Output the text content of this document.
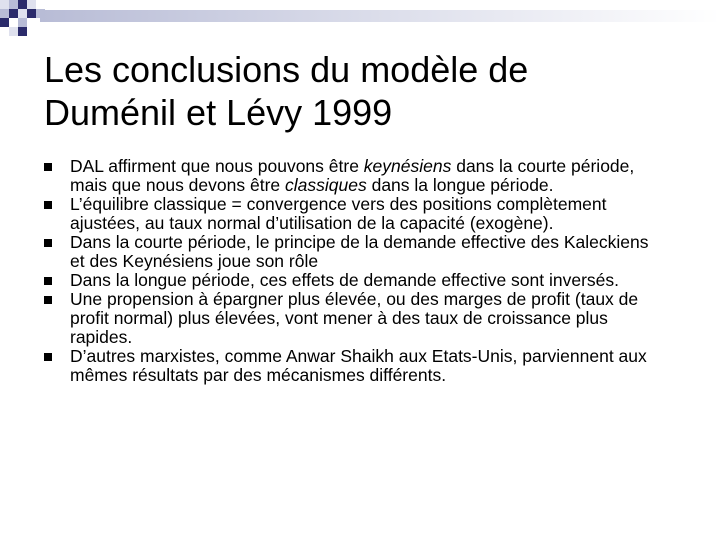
Les conclusions du modèle de
Duménil et Lévy 1999
DAL affirment que nous pouvons être keynésiens dans la courte période, mais que nous devons être classiques dans la longue période.
L’équilibre classique = convergence vers des positions complètement ajustées, au taux normal d’utilisation de la capacité (exogène).
Dans la courte période, le principe de la demande effective des Kaleckiens et des Keynésiens joue son rôle
Dans la longue période, ces effets de demande effective sont inversés.
Une propension à épargner plus élevée, ou des marges de profit (taux de profit normal) plus élevées, vont mener à des taux de croissance plus rapides.
D’autres marxistes, comme Anwar Shaikh aux Etats-Unis, parviennent aux mêmes résultats par des mécanismes différents.
